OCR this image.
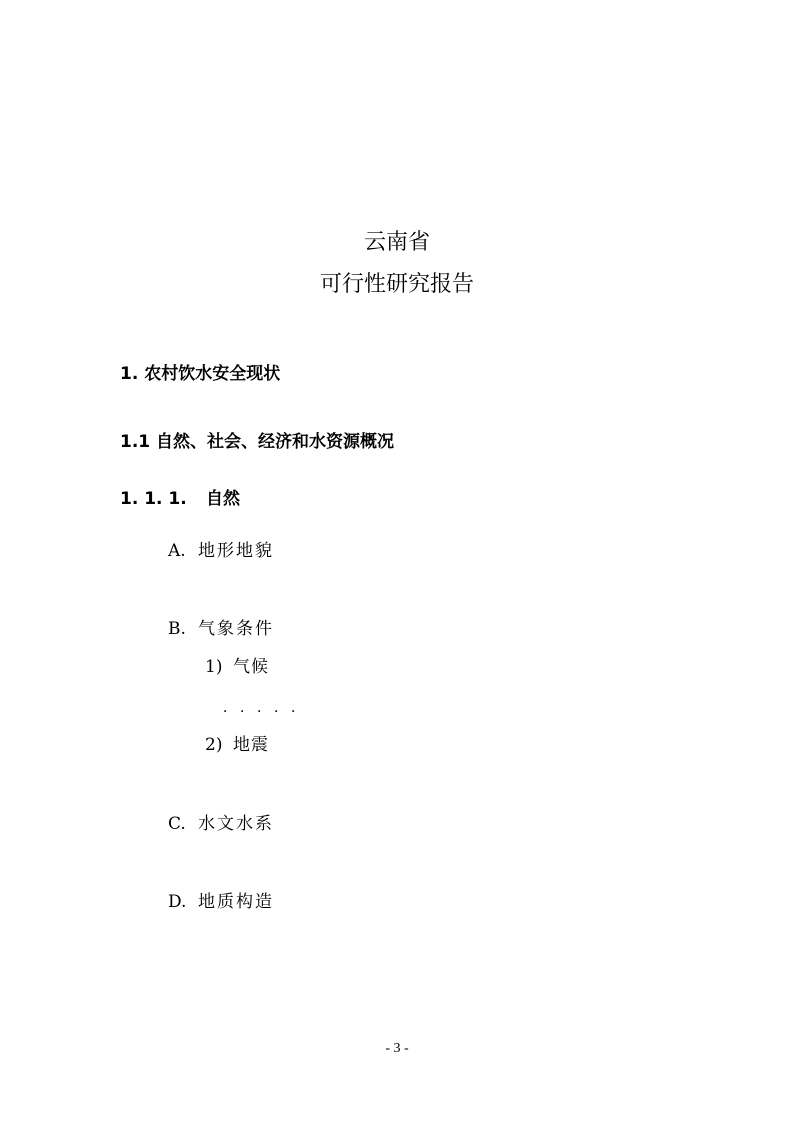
云南省
可行性研究报告
1. 农村饮水安全现状
1.1 自然、社会、经济和水资源概况
1. 1. 1. 自然
A. 地形地貌
B. 气象条件
1) 气候
．．．．．
2) 地震
C. 水文水系
D. 地质构造
- 3 -
